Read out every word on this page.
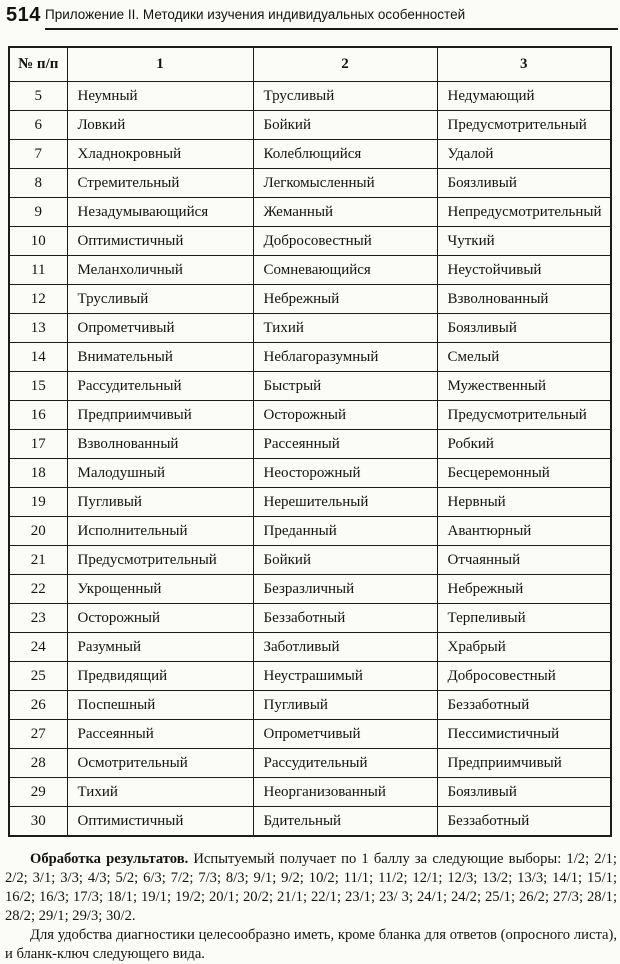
514 Приложение II. Методики изучения индивидуальных особенностей
№ п/п	1	2	3
5	Неумный	Трусливый	Недумающий
6	Ловкий	Бойкий	Предусмотрительный
7	Хладнокровный	Колеблющийся	Удалой
8	Стремительный	Легкомысленный	Боязливый
9	Незадумывающийся	Жеманный	Непредусмотрительный
10	Оптимистичный	Добросовестный	Чуткий
11	Меланхоличный	Сомневающийся	Неустойчивый
12	Трусливый	Небрежный	Взволнованный
13	Опрометчивый	Тихий	Боязливый
14	Внимательный	Неблагоразумный	Смелый
15	Рассудительный	Быстрый	Мужественный
16	Предприимчивый	Осторожный	Предусмотрительный
17	Взволнованный	Рассеянный	Робкий
18	Малодушный	Неосторожный	Бесцеремонный
19	Пугливый	Нерешительный	Нервный
20	Исполнительный	Преданный	Авантюрный
21	Предусмотрительный	Бойкий	Отчаянный
22	Укрощенный	Безразличный	Небрежный
23	Осторожный	Беззаботный	Терпеливый
24	Разумный	Заботливый	Храбрый
25	Предвидящий	Неустрашимый	Добросовестный
26	Поспешный	Пугливый	Беззаботный
27	Рассеянный	Опрометчивый	Пессимистичный
28	Осмотрительный	Рассудительный	Предприимчивый
29	Тихий	Неорганизованный	Боязливый
30	Оптимистичный	Бдительный	Беззаботный

Обработка результатов. Испытуемый получает по 1 баллу за следующие выборы: 1/2; 2/1; 2/2; 3/1; 3/3; 4/3; 5/2; 6/3; 7/2; 7/3; 8/3; 9/1; 9/2; 10/2; 11/1; 11/2; 12/1; 12/3; 13/2; 13/3; 14/1; 15/1; 16/2; 16/3; 17/3; 18/1; 19/1; 19/2; 20/1; 20/2; 21/1; 22/1; 23/1; 23/ 3; 24/1; 24/2; 25/1; 26/2; 27/3; 28/1; 28/2; 29/1; 29/3; 30/2.

Для удобства диагностики целесообразно иметь, кроме бланка для ответов (опросного листа), и бланк-ключ следующего вида.
